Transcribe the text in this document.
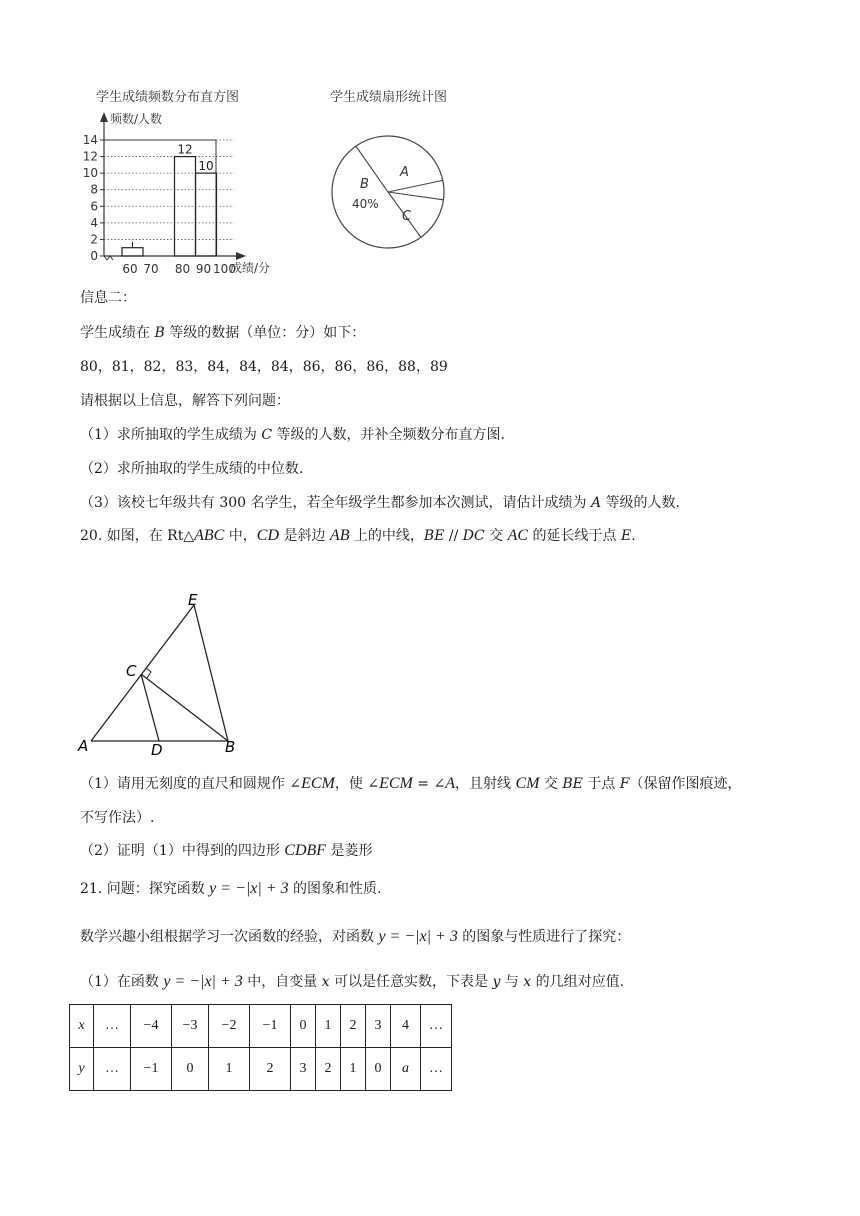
学生成绩频数分布直方图
频数/人数
成绩/分
14
12
10
8
6
4
2
0
12
10
60 70 80 90 100
学生成绩扇形统计图
A
B
40%
C
信息二：
学生成绩在 B 等级的数据（单位：分）如下：
80，81，82，83，84，84，84，86，86，86，88，89
请根据以上信息，解答下列问题：
（1）求所抽取的学生成绩为 C 等级的人数，并补全频数分布直方图.
（2）求所抽取的学生成绩的中位数.
（3）该校七年级共有 300 名学生，若全年级学生都参加本次测试，请估计成绩为 A 等级的人数.
20. 如图，在 Rt△ABC 中，CD 是斜边 AB 上的中线，BE // DC 交 AC 的延长线于点 E.
E
C
A	D	B
（1）请用无刻度的直尺和圆规作 ∠ECM，使 ∠ECM = ∠A，且射线 CM 交 BE 于点 F（保留作图痕迹，
不写作法）.
（2）证明（1）中得到的四边形 CDBF 是菱形
21. 问题：探究函数 y = −|x| + 3 的图象和性质.
数学兴趣小组根据学习一次函数的经验，对函数 y = −|x| + 3 的图象与性质进行了探究：
（1）在函数 y = −|x| + 3 中，自变量 x 可以是任意实数，下表是 y 与 x 的几组对应值.
x	…	−4	−3	−2	−1	0	1	2	3	4	…
y	…	−1	0	1	2	3	2	1	0	a	…
